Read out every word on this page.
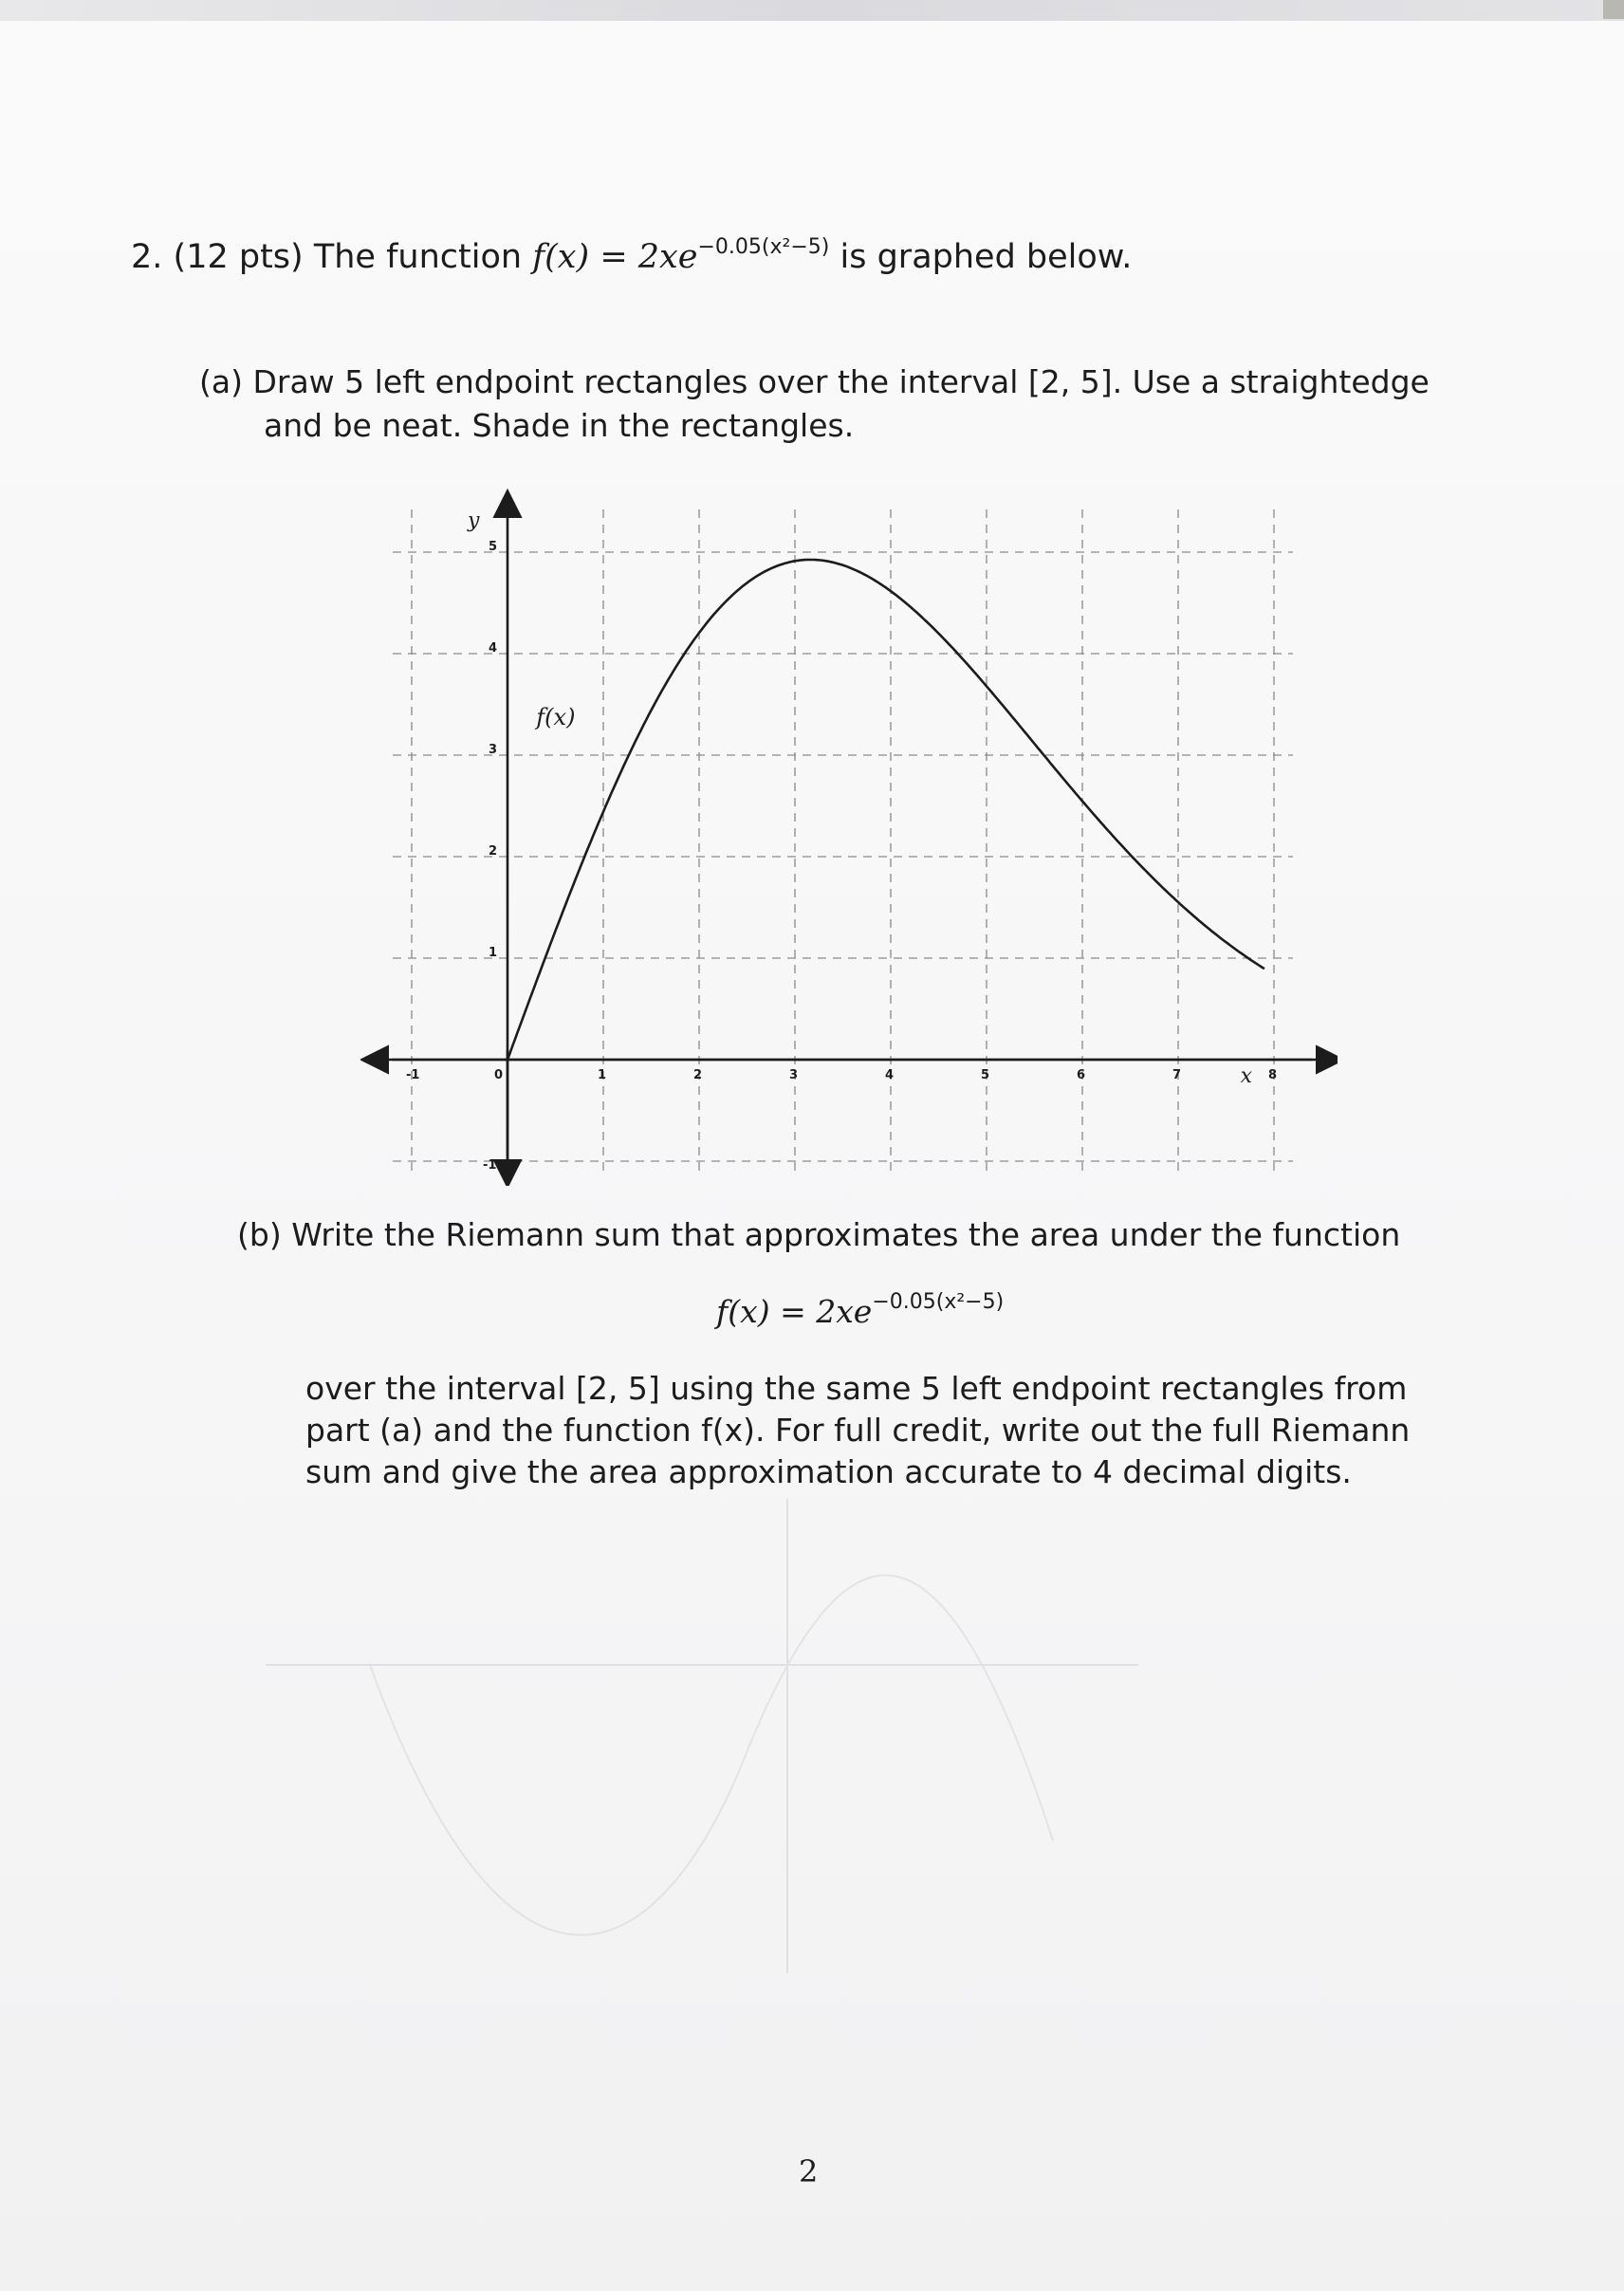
2. (12 pts) The function $f(x) = 2xe^{-0.05(x^2-5)}$ is graphed below.
(a) Draw 5 left endpoint rectangles over the interval [2, 5]. Use a straightedge and be neat. Shade in the rectangles.
-1	0	1	2	3	4	5	6	7	8
-1
1
2
3
4
5
f(x)
x
y
(b) Write the Riemann sum that approximates the area under the function
$f(x) = 2xe^{-0.05(x^2-5)}$
over the interval [2, 5] using the same 5 left endpoint rectangles from part (a) and the function f(x). For full credit, write out the full Riemann sum and give the area approximation accurate to 4 decimal digits.
2
